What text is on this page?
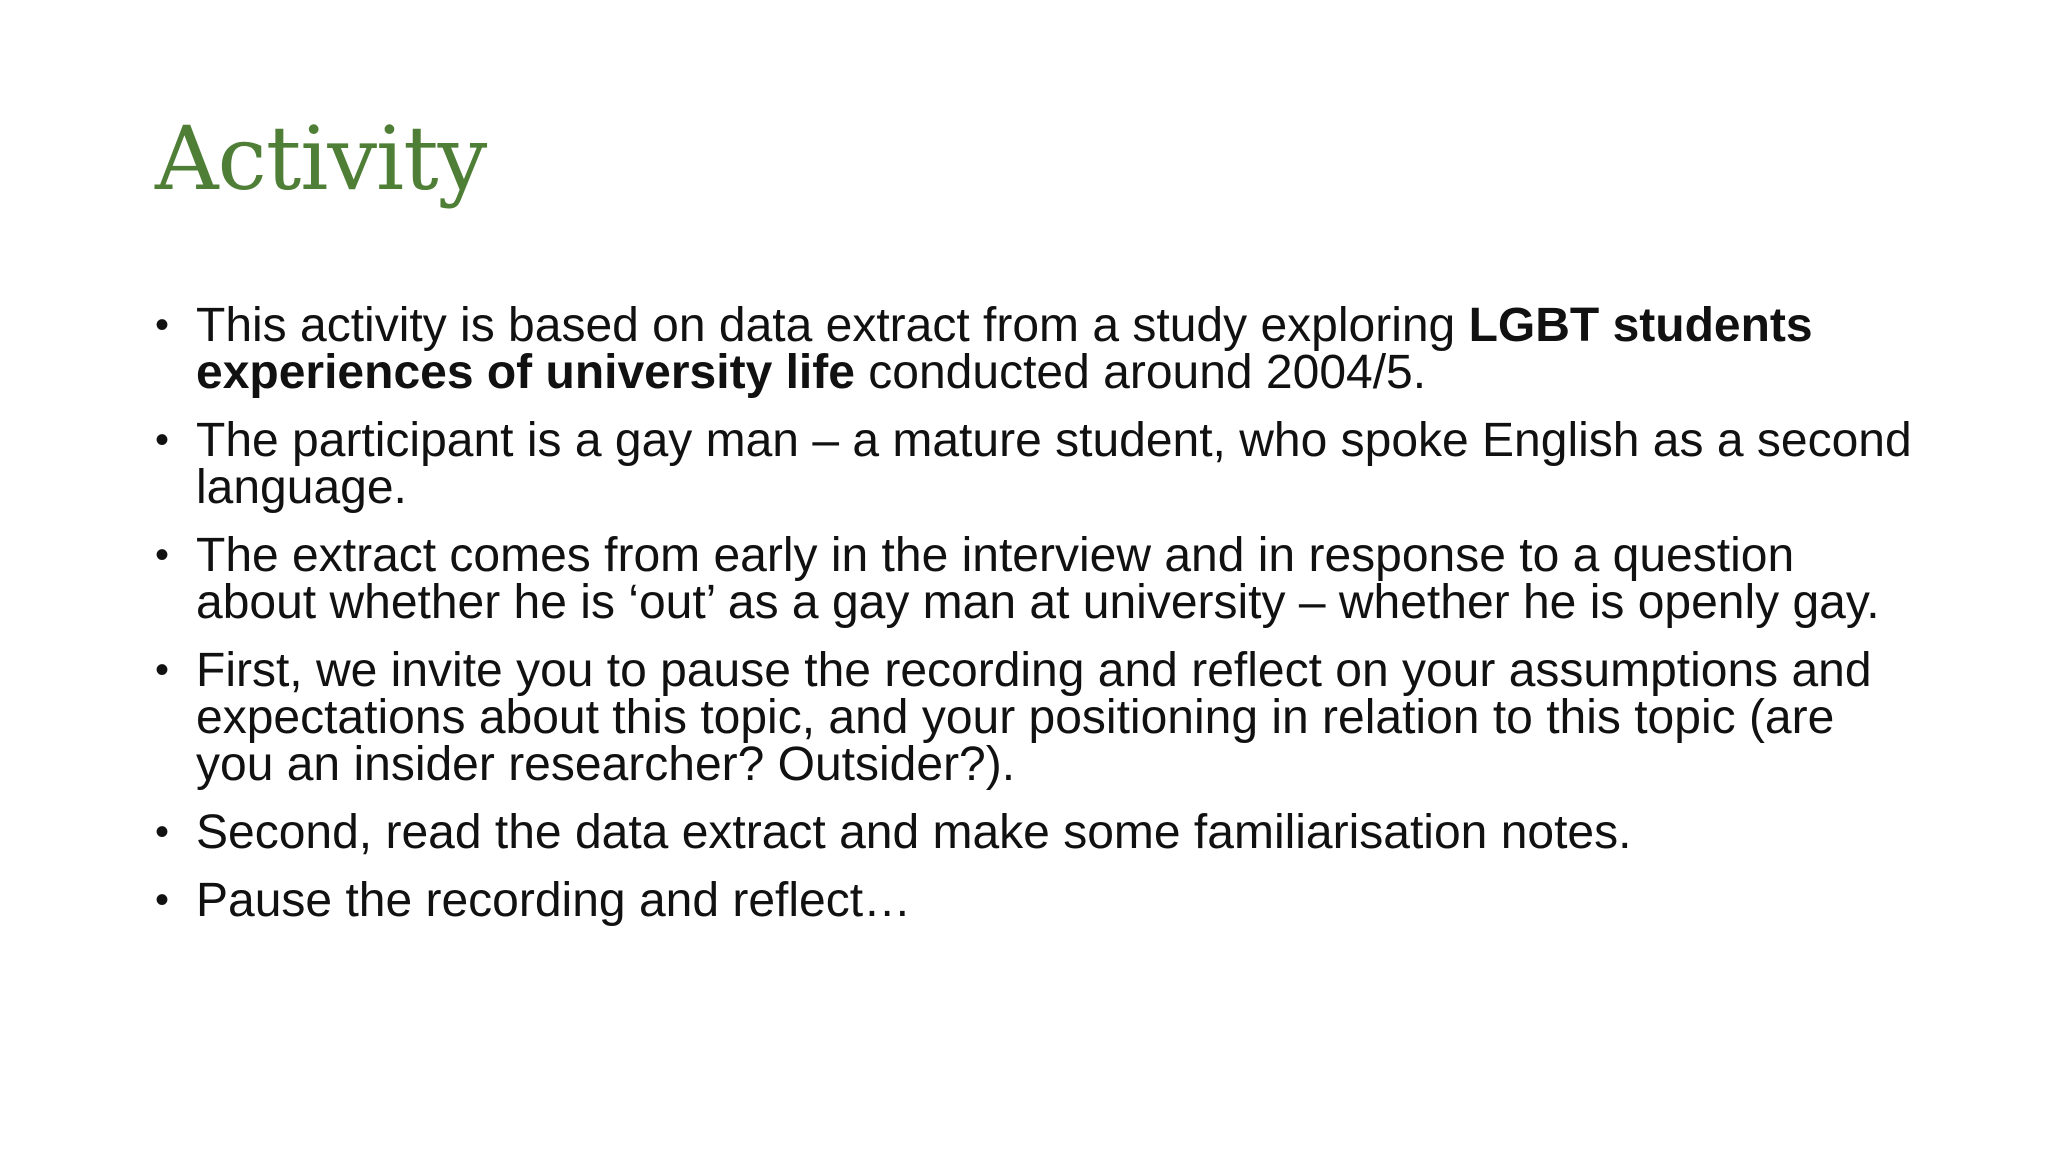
Activity
• This activity is based on data extract from a study exploring LGBT students experiences of university life conducted around 2004/5.
• The participant is a gay man – a mature student, who spoke English as a second language.
• The extract comes from early in the interview and in response to a question about whether he is ‘out’ as a gay man at university – whether he is openly gay.
• First, we invite you to pause the recording and reflect on your assumptions and expectations about this topic, and your positioning in relation to this topic (are you an insider researcher? Outsider?).
• Second, read the data extract and make some familiarisation notes.
• Pause the recording and reflect…
